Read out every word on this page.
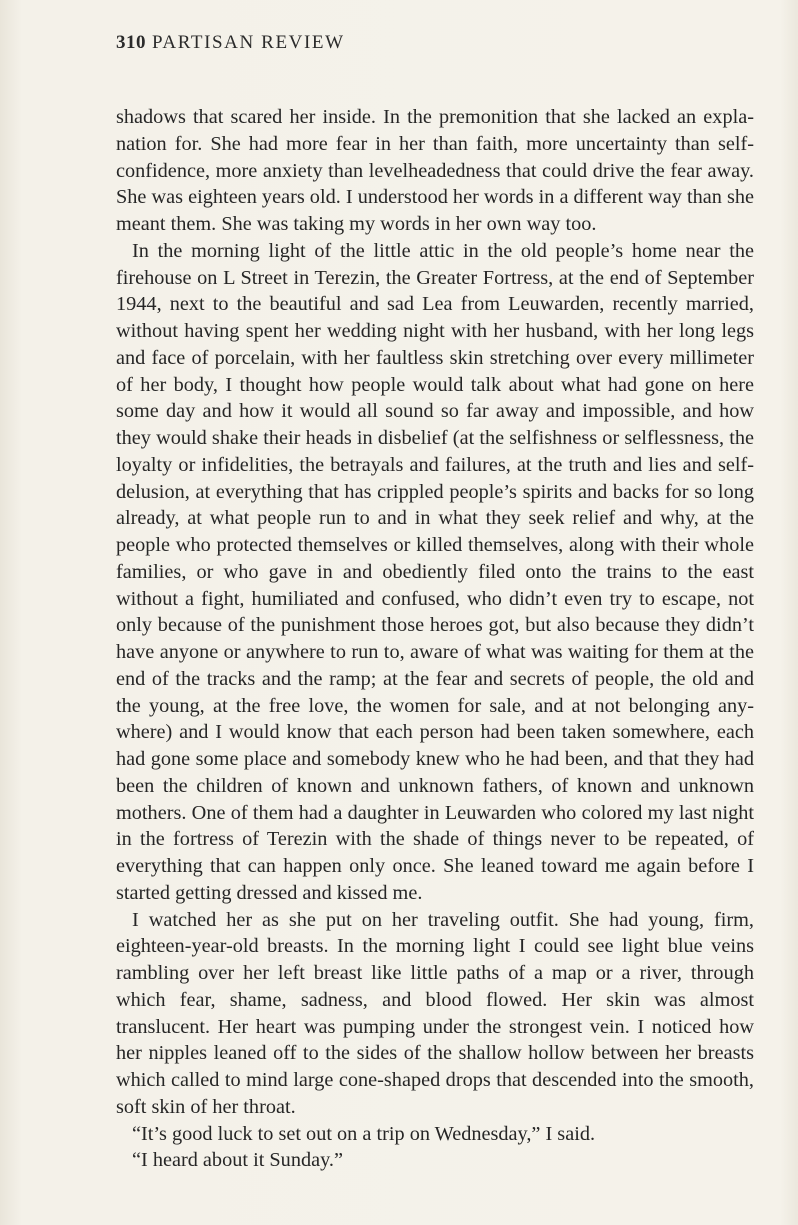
310 PARTISAN REVIEW

shadows that scared her inside. In the premonition that she lacked an explanation for. She had more fear in her than faith, more uncertainty than self-confidence, more anxiety than levelheadedness that could drive the fear away. She was eighteen years old. I understood her words in a different way than she meant them. She was taking my words in her own way too.

In the morning light of the little attic in the old people’s home near the firehouse on L Street in Terezin, the Greater Fortress, at the end of September 1944, next to the beautiful and sad Lea from Leuwarden, recently married, without having spent her wedding night with her husband, with her long legs and face of porcelain, with her faultless skin stretching over every millimeter of her body, I thought how people would talk about what had gone on here some day and how it would all sound so far away and impossible, and how they would shake their heads in disbelief (at the selfishness or selflessness, the loyalty or infidelities, the betrayals and failures, at the truth and lies and self-delusion, at everything that has crippled people’s spirits and backs for so long already, at what people run to and in what they seek relief and why, at the people who protected themselves or killed themselves, along with their whole families, or who gave in and obediently filed onto the trains to the east without a fight, humiliated and confused, who didn’t even try to escape, not only because of the punishment those heroes got, but also because they didn’t have anyone or anywhere to run to, aware of what was waiting for them at the end of the tracks and the ramp; at the fear and secrets of people, the old and the young, at the free love, the women for sale, and at not belonging anywhere) and I would know that each person had been taken somewhere, each had gone some place and somebody knew who he had been, and that they had been the children of known and unknown fathers, of known and unknown mothers. One of them had a daughter in Leuwarden who colored my last night in the fortress of Terezin with the shade of things never to be repeated, of everything that can happen only once. She leaned toward me again before I started getting dressed and kissed me.

I watched her as she put on her traveling outfit. She had young, firm, eighteen-year-old breasts. In the morning light I could see light blue veins rambling over her left breast like little paths of a map or a river, through which fear, shame, sadness, and blood flowed. Her skin was almost translucent. Her heart was pumping under the strongest vein. I noticed how her nipples leaned off to the sides of the shallow hollow between her breasts which called to mind large cone-shaped drops that descended into the smooth, soft skin of her throat.

“It’s good luck to set out on a trip on Wednesday,” I said.

“I heard about it Sunday.”
